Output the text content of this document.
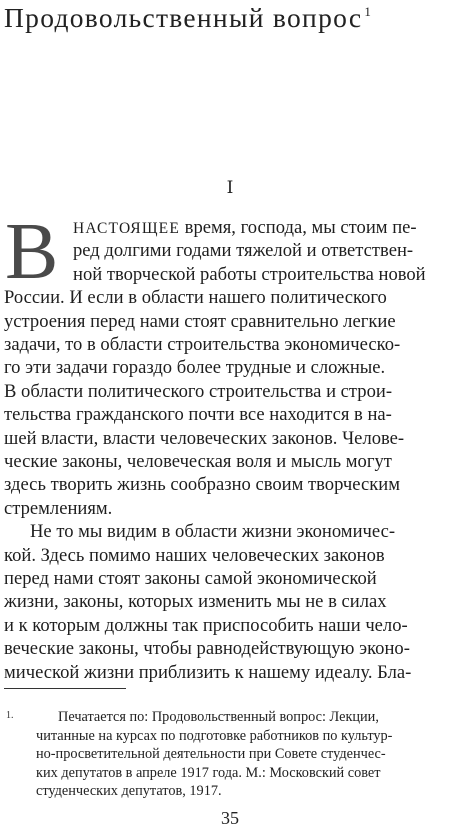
Продовольственный вопрос $^1$
I
В НАСТОЯЩЕЕ время, господа, мы стоим пе-
ред долгими годами тяжелой и ответствен-
ной творческой работы строительства новой
России. И если в области нашего политического
устроения перед нами стоят сравнительно легкие
задачи, то в области строительства экономическо-
го эти задачи гораздо более трудные и сложные.
В области политического строительства и строи-
тельства гражданского почти все находится в на-
шей власти, власти человеческих законов. Челове-
ческие законы, человеческая воля и мысль могут
здесь творить жизнь сообразно своим творческим
стремлениям.
Не то мы видим в области жизни экономичес-
кой. Здесь помимо наших человеческих законов
перед нами стоят законы самой экономической
жизни, законы, которых изменить мы не в силах
и к которым должны так приспособить наши чело-
1.	Печатается по: Продовольственный вопрос: Лекции,
читанные на курсах по подготовке работников по культур-
но-просветительной деятельности при Совете студенчес-
ких депутатов в апреле 1917 года. М.: Московский совет
35
веческие законы, чтобы равнодействующую эконо-
мической жизни приблизить к нашему идеалу. Бла-
студенческих депутатов, 1917.
